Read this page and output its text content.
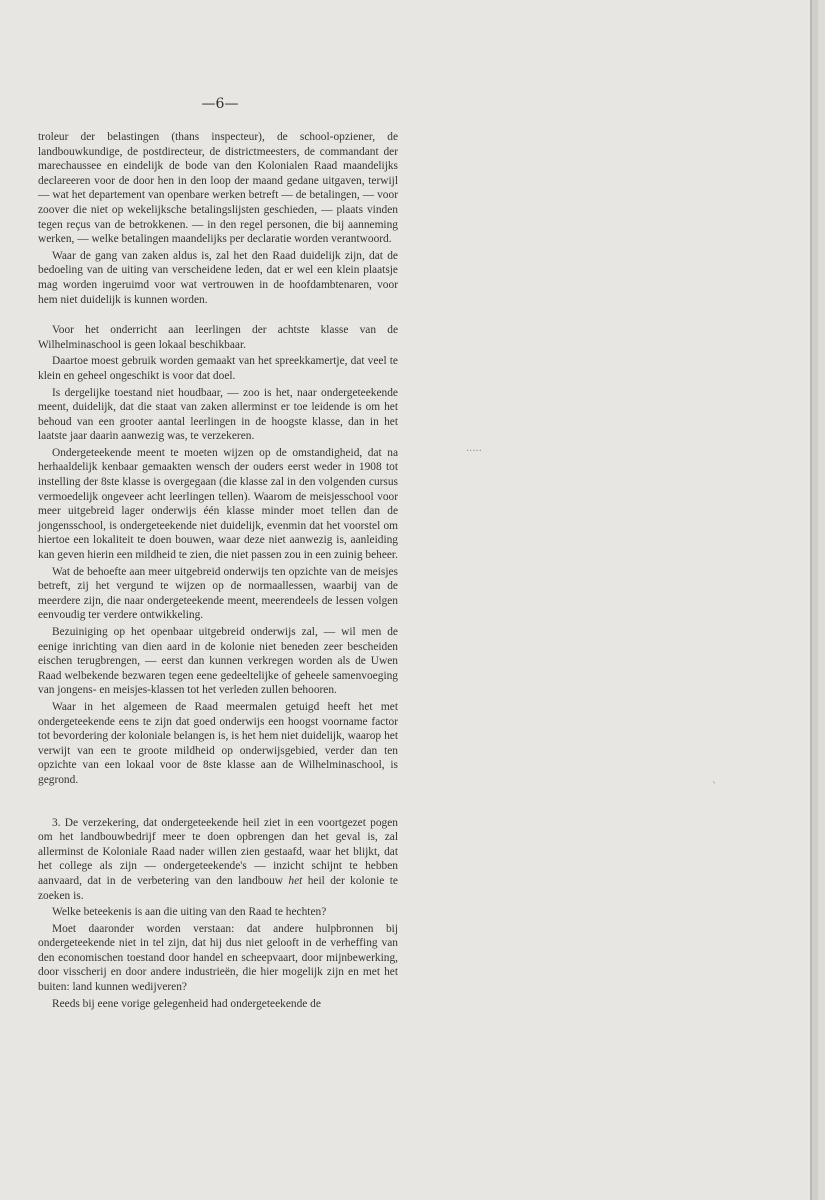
—6—

troleur der belastingen (thans inspecteur), de school-opziener, de landbouwkundige, de postdirecteur, de districtmeesters, de commandant der marechaussee en eindelijk de bode van den Kolonialen Raad maandelijks declareeren voor de door hen in den loop der maand gedane uitgaven, terwijl — wat het departement van openbare werken betreft — de betalingen, — voor zoover die niet op wekelijksche betalingslijsten geschieden, — plaats vinden tegen reçus van de betrokkenen. — in den regel personen, die bij aanneming werken, — welke betalingen maandelijks per declaratie worden verantwoord.

Waar de gang van zaken aldus is, zal het den Raad duidelijk zijn, dat de bedoeling van de uiting van verscheidene leden, dat er wel een klein plaatsje mag worden ingeruimd voor wat vertrouwen in de hoofdambtenaren, voor hem niet duidelijk is kunnen worden.

Voor het onderricht aan leerlingen der achtste klasse van de Wilhelminaschool is geen lokaal beschikbaar.

Daartoe moest gebruik worden gemaakt van het spreekkamertje, dat veel te klein en geheel ongeschikt is voor dat doel.

Is dergelijke toestand niet houdbaar, — zoo is het, naar ondergeteekende meent, duidelijk, dat die staat van zaken allerminst er toe leidende is om het behoud van een grooter aantal leerlingen in de hoogste klasse, dan in het laatste jaar daarin aanwezig was, te verzekeren.

Ondergeteekende meent te moeten wijzen op de omstandigheid, dat na herhaaldelijk kenbaar gemaakten wensch der ouders eerst weder in 1908 tot instelling der 8ste klasse is overgegaan (die klasse zal in den volgenden cursus vermoedelijk ongeveer acht leerlingen tellen). Waarom de meisjesschool voor meer uitgebreid lager onderwijs één klasse minder moet tellen dan de jongensschool, is ondergeteekende niet duidelijk, evenmin dat het voorstel om hiertoe een lokaliteit te doen bouwen, waar deze niet aanwezig is, aanleiding kan geven hierin een mildheid te zien, die niet passen zou in een zuinig beheer.

Wat de behoefte aan meer uitgebreid onderwijs ten opzichte van de meisjes betreft, zij het vergund te wijzen op de normaallessen, waarbij van de meerdere zijn, die naar ondergeteekende meent, meerendeels de lessen volgen eenvoudig ter verdere ontwikkeling.

Bezuiniging op het openbaar uitgebreid onderwijs zal, — wil men de eenige inrichting van dien aard in de kolonie niet beneden zeer bescheiden eischen terugbrengen, — eerst dan kunnen verkregen worden als de Uwen Raad welbekende bezwaren tegen eene gedeeltelijke of geheele samenvoeging van jongens- en meisjes-klassen tot het verleden zullen behooren.

Waar in het algemeen de Raad meermalen getuigd heeft het met ondergeteekende eens te zijn dat goed onderwijs een hoogst voorname factor tot bevordering der koloniale belangen is, is het hem niet duidelijk, waarop het verwijt van een te groote mildheid op onderwijsgebied, verder dan ten opzichte van een lokaal voor de 8ste klasse aan de Wilhelminaschool, is gegrond.

3. De verzekering, dat ondergeteekende heil ziet in een voortgezet pogen om het landbouwbedrijf meer te doen opbrengen dan het geval is, zal allerminst de Koloniale Raad nader willen zien gestaafd, waar het blijkt, dat het college als zijn — ondergeteekende's — inzicht schijnt te hebben aanvaard, dat in de verbetering van den landbouw het heil der kolonie te zoeken is.

Welke beteekenis is aan die uiting van den Raad te hechten?

Moet daaronder worden verstaan: dat andere hulpbronnen bij ondergeteekende niet in tel zijn, dat hij dus niet gelooft in de verheffing van den economischen toestand door handel en scheepvaart, door mijnbewerking, door visscherij en door andere industrieën, die hier mogelijk zijn en met het buiten: land kunnen wedijveren?

Reeds bij eene vorige gelegenheid had ondergeteekende de

·····
`
